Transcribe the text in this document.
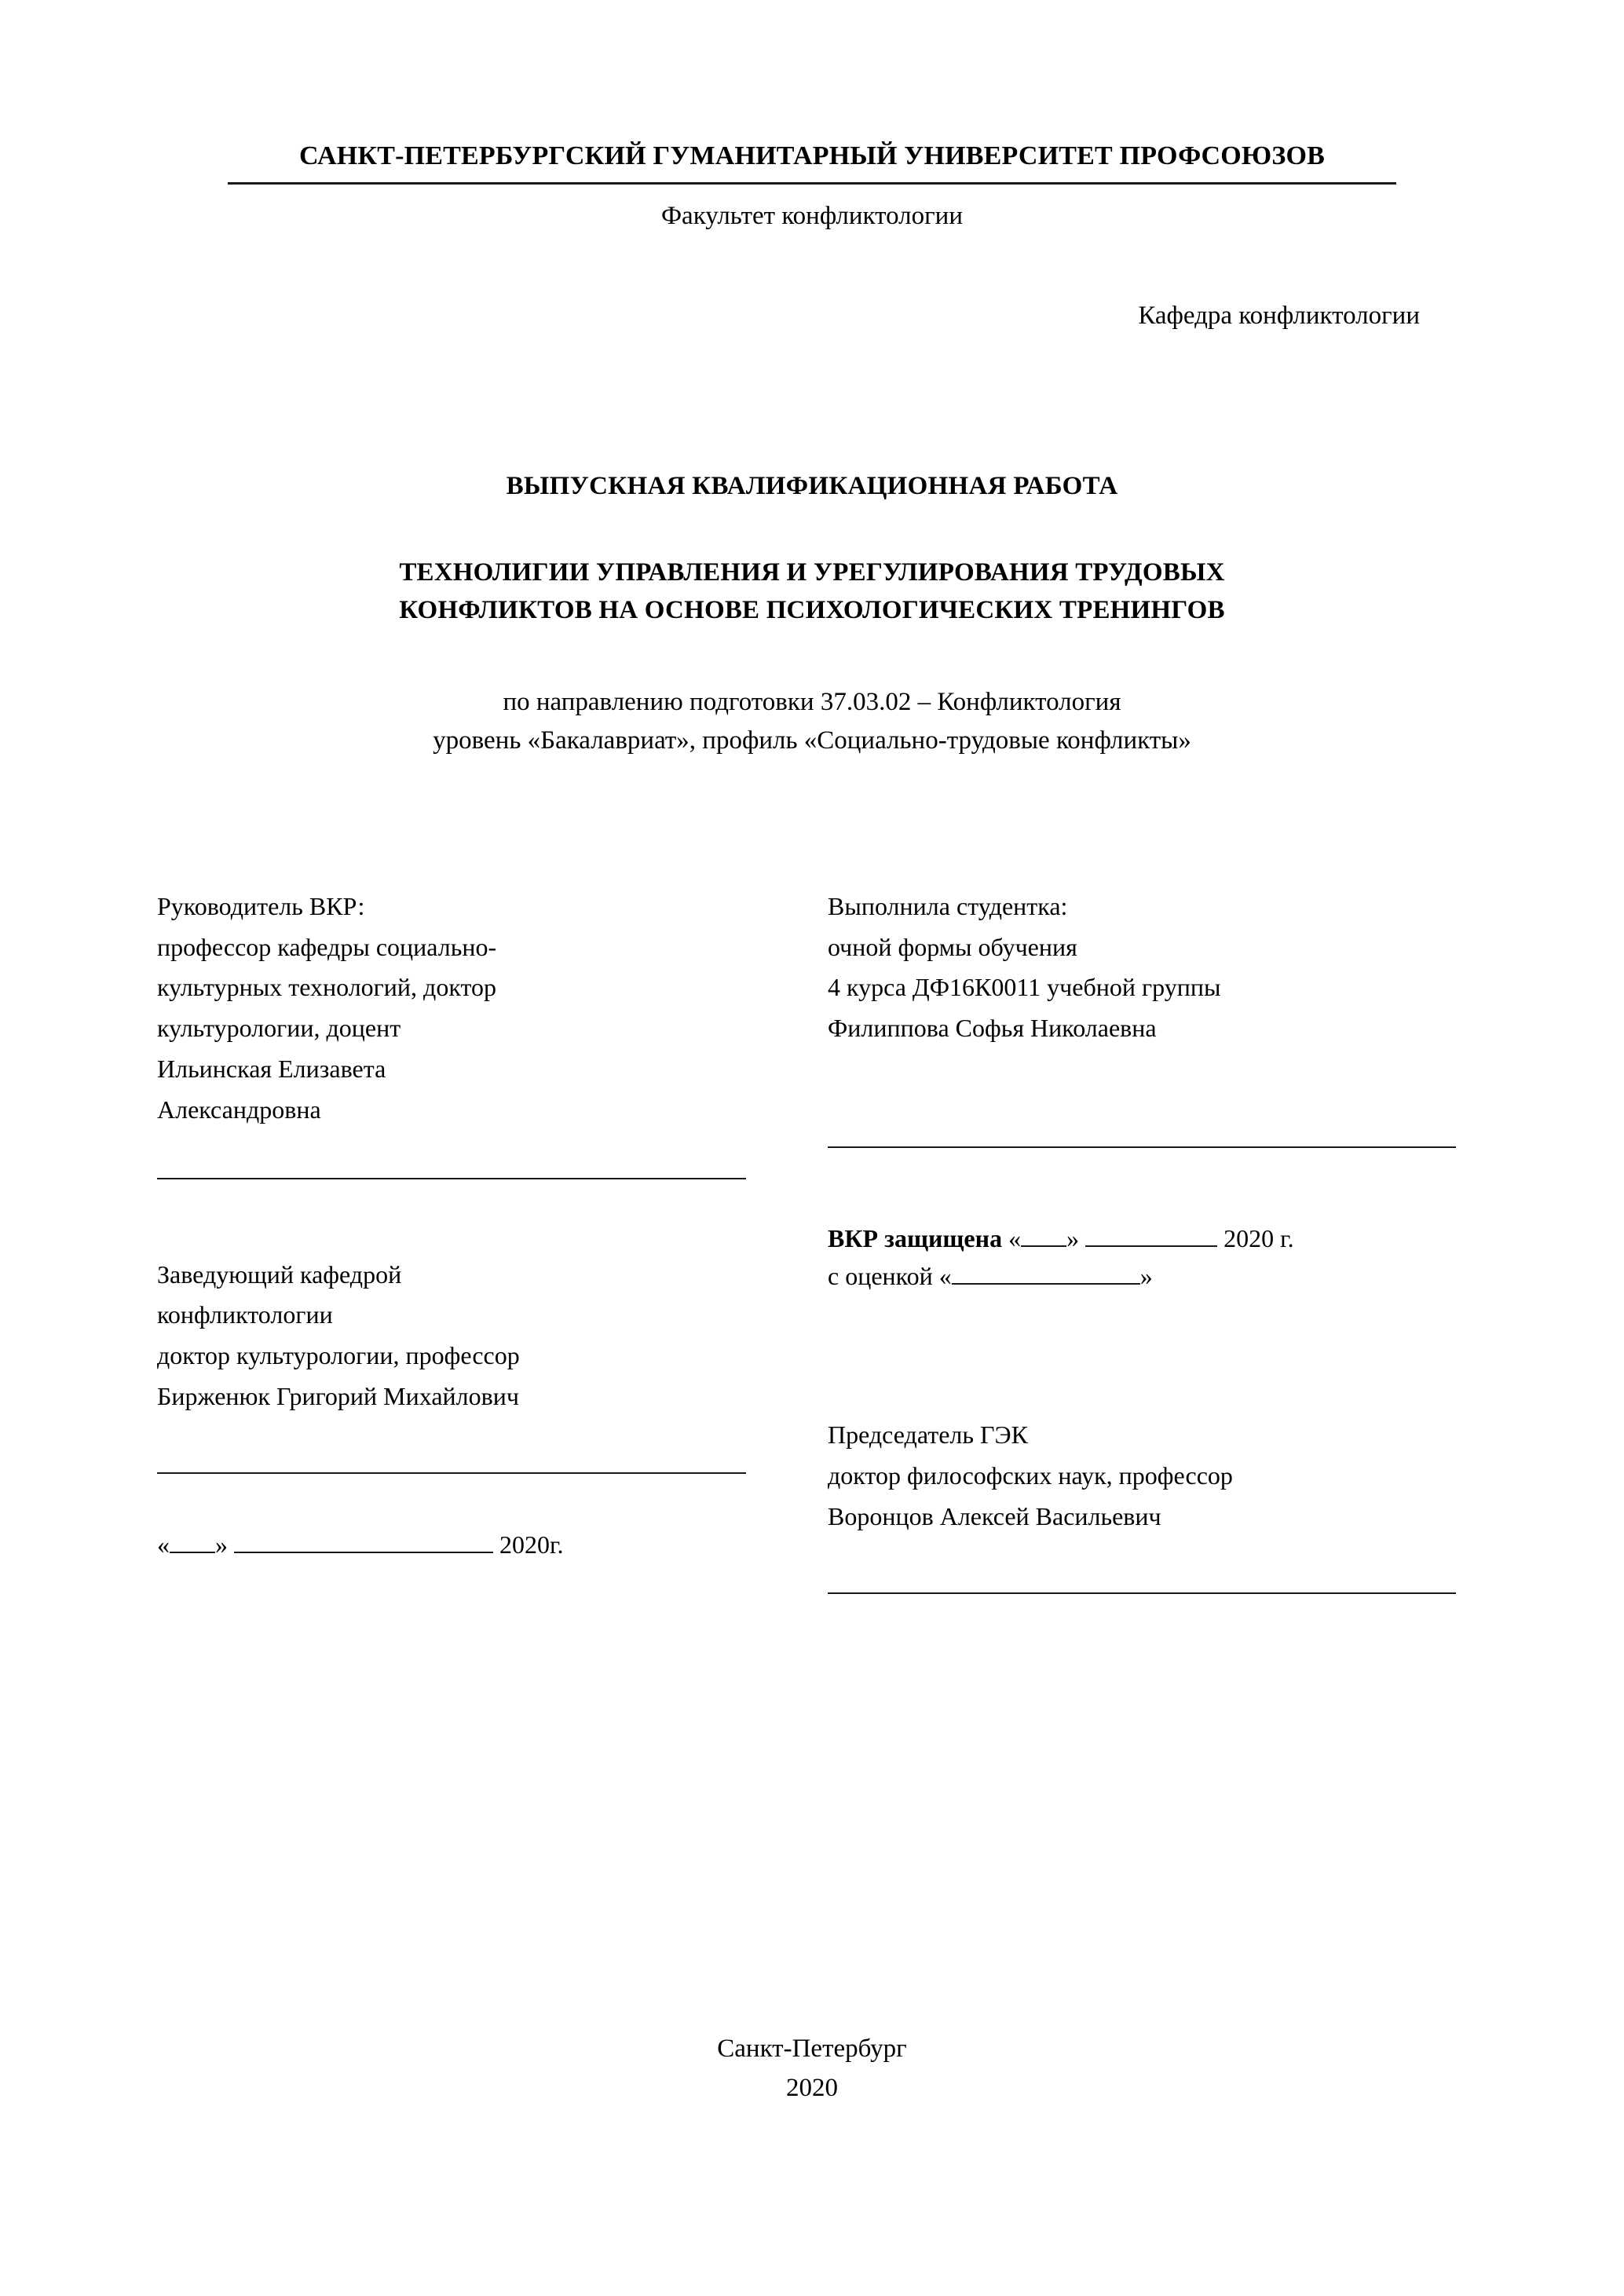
САНКТ-ПЕТЕРБУРГСКИЙ ГУМАНИТАРНЫЙ УНИВЕРСИТЕТ ПРОФСОЮЗОВ
Факультет конфликтологии
Кафедра конфликтологии
ВЫПУСКНАЯ КВАЛИФИКАЦИОННАЯ РАБОТА
ТЕХНОЛИГИИ УПРАВЛЕНИЯ И УРЕГУЛИРОВАНИЯ ТРУДОВЫХ
КОНФЛИКТОВ НА ОСНОВЕ ПСИХОЛОГИЧЕСКИХ ТРЕНИНГОВ
по направлению подготовки 37.03.02 – Конфликтология
уровень «Бакалавриат», профиль «Социально-трудовые конфликты»
Руководитель ВКР:
профессор кафедры социально-
культурных технологий, доктор
культурологии, доцент
Ильинская Елизавета
Александровна
Заведующий кафедрой
конфликтологии
доктор культурологии, профессор
Бирженюк Григорий Михайлович
« »	2020г.
Выполнила студентка:
очной формы обучения
4 курса ДФ16К0011 учебной группы
Филиппова Софья Николаевна
ВКР защищена « »	2020 г.
с оценкой «	»
Председатель ГЭК
доктор философских наук, профессор
Воронцов Алексей Васильевич
Санкт-Петербург
2020
